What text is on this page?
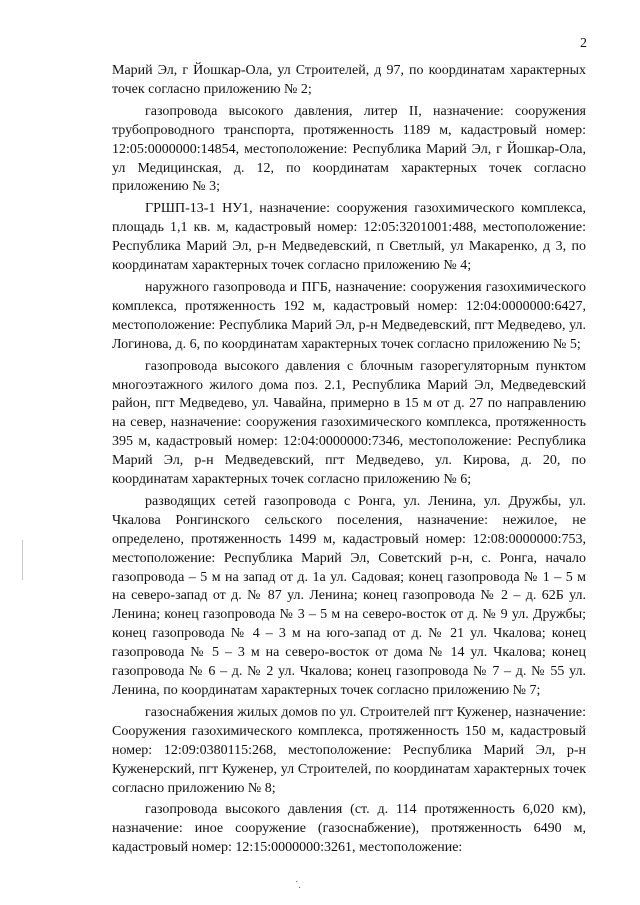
2

Марий Эл, г Йошкар-Ола, ул Строителей, д 97, по координатам характерных точек согласно приложению № 2;

газопровода высокого давления, литер II, назначение: сооружения трубопроводного транспорта, протяженность 1189 м, кадастровый номер: 12:05:0000000:14854, местоположение: Республика Марий Эл, г Йошкар-Ола, ул Медицинская, д. 12, по координатам характерных точек согласно приложению № 3;

ГРШП-13-1 НУ1, назначение: сооружения газохимического комплекса, площадь 1,1 кв. м, кадастровый номер: 12:05:3201001:488, местоположение: Республика Марий Эл, р-н Медведевский, п Светлый, ул Макаренко, д 3, по координатам характерных точек согласно приложению № 4;

наружного газопровода и ПГБ, назначение: сооружения газохимического комплекса, протяженность 192 м, кадастровый номер: 12:04:0000000:6427, местоположение: Республика Марий Эл, р-н Медведевский, пгт Медведево, ул. Логинова, д. 6, по координатам характерных точек согласно приложению № 5;

газопровода высокого давления с блочным газорегуляторным пунктом многоэтажного жилого дома поз. 2.1, Республика Марий Эл, Медведевский район, пгт Медведево, ул. Чавайна, примерно в 15 м от д. 27 по направлению на север, назначение: сооружения газохимического комплекса, протяженность 395 м, кадастровый номер: 12:04:0000000:7346, местоположение: Республика Марий Эл, р-н Медведевский, пгт Медведево, ул. Кирова, д. 20, по координатам характерных точек согласно приложению № 6;

разводящих сетей газопровода с Ронга, ул. Ленина, ул. Дружбы, ул. Чкалова Ронгинского сельского поселения, назначение: нежилое, не определено, протяженность 1499 м, кадастровый номер: 12:08:0000000:753, местоположение: Республика Марий Эл, Советский р-н, с. Ронга, начало газопровода – 5 м на запад от д. 1а ул. Садовая; конец газопровода № 1 – 5 м на северо-запад от д. № 87 ул. Ленина; конец газопровода № 2 – д. 62Б ул. Ленина; конец газопровода № 3 – 5 м на северо-восток от д. № 9 ул. Дружбы; конец газопровода № 4 – 3 м на юго-запад от д. № 21 ул. Чкалова; конец газопровода № 5 – 3 м на северо-восток от дома № 14 ул. Чкалова; конец газопровода № 6 – д. № 2 ул. Чкалова; конец газопровода № 7 – д. № 55 ул. Ленина, по координатам характерных точек согласно приложению № 7;

газоснабжения жилых домов по ул. Строителей пгт Куженер, назначение: Сооружения газохимического комплекса, протяженность 150 м, кадастровый номер: 12:09:0380115:268, местоположение: Республика Марий Эл, р-н Куженерский, пгт Куженер, ул Строителей, по координатам характерных точек согласно приложению № 8;

газопровода высокого давления (ст. д. 114 протяженность 6,020 км), назначение: иное сооружение (газоснабжение), протяженность 6490 м, кадастровый номер: 12:15:0000000:3261, местоположение:

˙.
